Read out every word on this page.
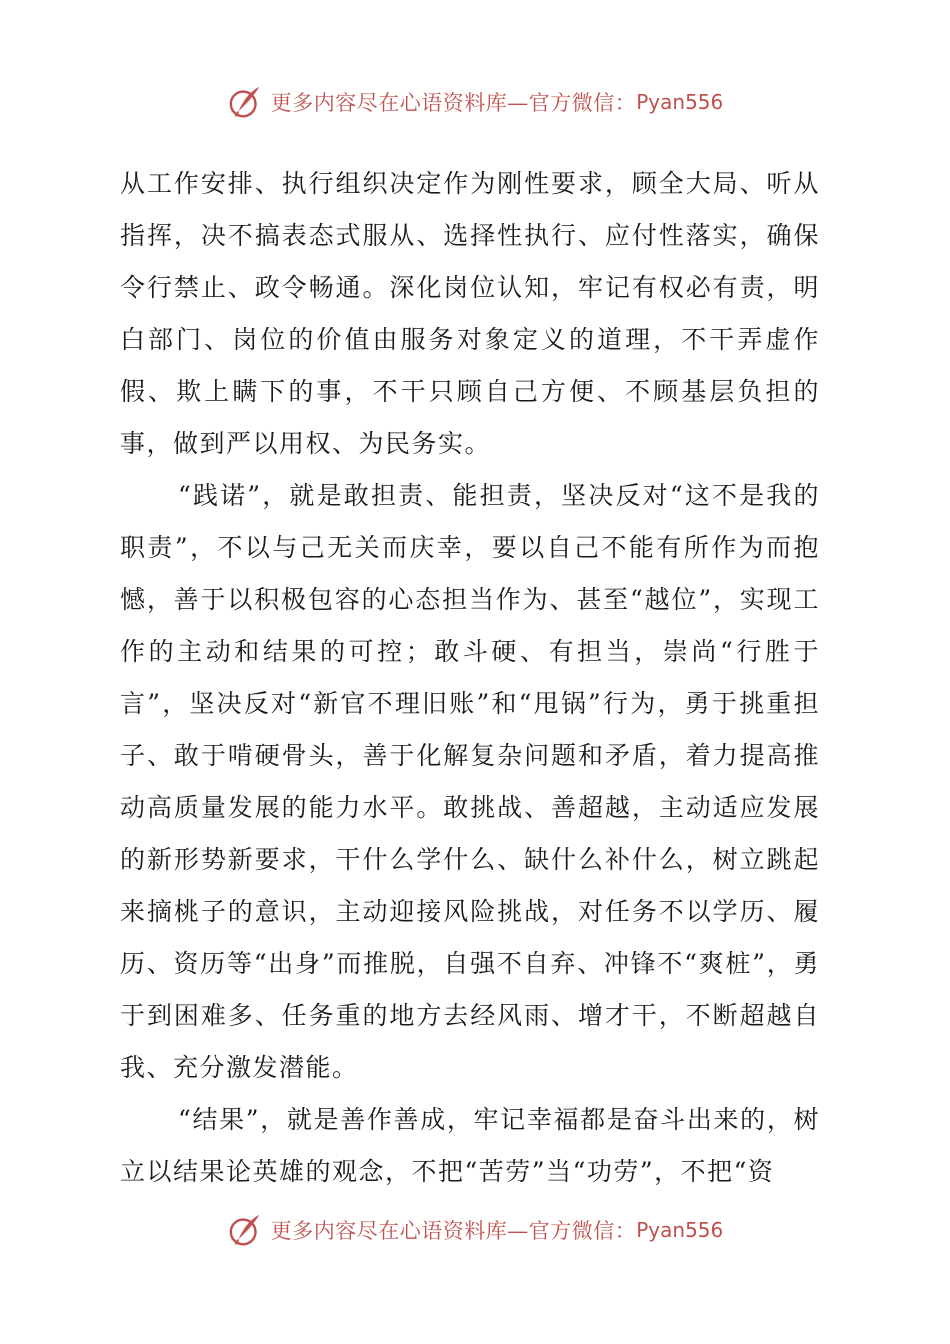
更多内容尽在心语资料库—官方微信： Pyan556

从工作安排、执行组织决定作为刚性要求，顾全大局、听从指挥，决不搞表态式服从、选择性执行、应付性落实，确保令行禁止、政令畅通。深化岗位认知，牢记有权必有责，明白部门、岗位的价值由服务对象定义的道理，不干弄虚作假、欺上瞒下的事，不干只顾自己方便、不顾基层负担的事，做到严以用权、为民务实。

“践诺”，就是敢担责、能担责，坚决反对“这不是我的职责”，不以与己无关而庆幸，要以自己不能有所作为而抱憾，善于以积极包容的心态担当作为、甚至“越位”，实现工作的主动和结果的可控；敢斗硬、有担当，崇尚“行胜于言”，坚决反对“新官不理旧账”和“甩锅”行为，勇于挑重担子、敢于啃硬骨头，善于化解复杂问题和矛盾，着力提高推动高质量发展的能力水平。敢挑战、善超越，主动适应发展的新形势新要求，干什么学什么、缺什么补什么，树立跳起来摘桃子的意识，主动迎接风险挑战，对任务不以学历、履历、资历等“出身”而推脱，自强不自弃、冲锋不“爽桩”，勇于到困难多、任务重的地方去经风雨、增才干，不断超越自我、充分激发潜能。

“结果”，就是善作善成，牢记幸福都是奋斗出来的，树立以结果论英雄的观念，不把“苦劳”当“功劳”，不把“资

更多内容尽在心语资料库—官方微信： Pyan556
